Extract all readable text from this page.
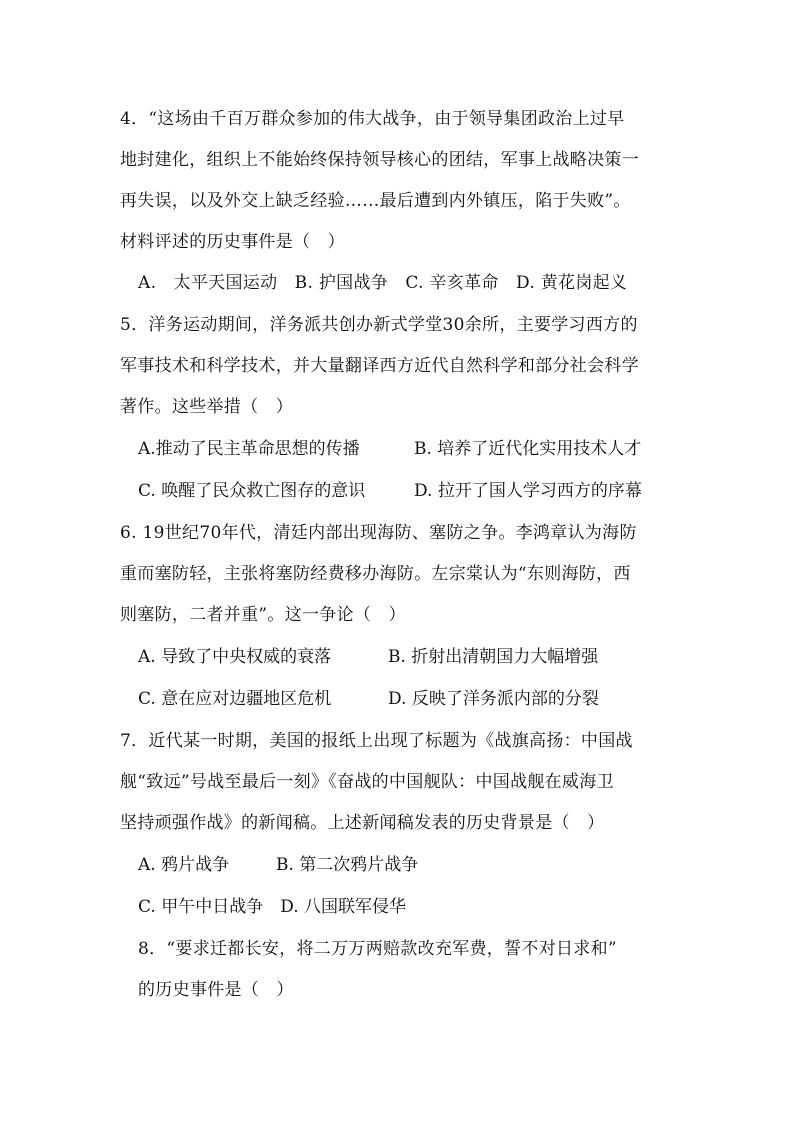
4．“这场由千百万群众参加的伟大战争，由于领导集团政治上过早
地封建化，组织上不能始终保持领导核心的团结，军事上战略决策一
再失误，以及外交上缺乏经验……最后遭到内外镇压，陷于失败”。
材料评述的历史事件是（　）
A.　太平天国运动　B. 护国战争　C. 辛亥革命　D. 黄花岗起义
5．洋务运动期间，洋务派共创办新式学堂30余所，主要学习西方的
军事技术和科学技术，并大量翻译西方近代自然科学和部分社会科学
著作。这些举措（　）
A.推动了民主革命思想的传播	B. 培养了近代化实用技术人才
C. 唤醒了民众救亡图存的意识	D. 拉开了国人学习西方的序幕
6. 19世纪70年代，清廷内部出现海防、塞防之争。李鸿章认为海防
重而塞防轻，主张将塞防经费移办海防。左宗棠认为“东则海防，西
则塞防，二者并重”。这一争论（　）
A. 导致了中央权威的衰落	B. 折射出清朝国力大幅增强
C. 意在应对边疆地区危机	D. 反映了洋务派内部的分裂
7．近代某一时期，美国的报纸上出现了标题为《战旗高扬：中国战
舰“致远”号战至最后一刻》《奋战的中国舰队：中国战舰在威海卫
坚持顽强作战》的新闻稿。上述新闻稿发表的历史背景是（　）
A. 鸦片战争	B. 第二次鸦片战争
C. 甲午中日战争　D. 八国联军侵华
8．“要求迁都长安，将二万万两赔款改充军费，誓不对日求和”
的历史事件是（　）
